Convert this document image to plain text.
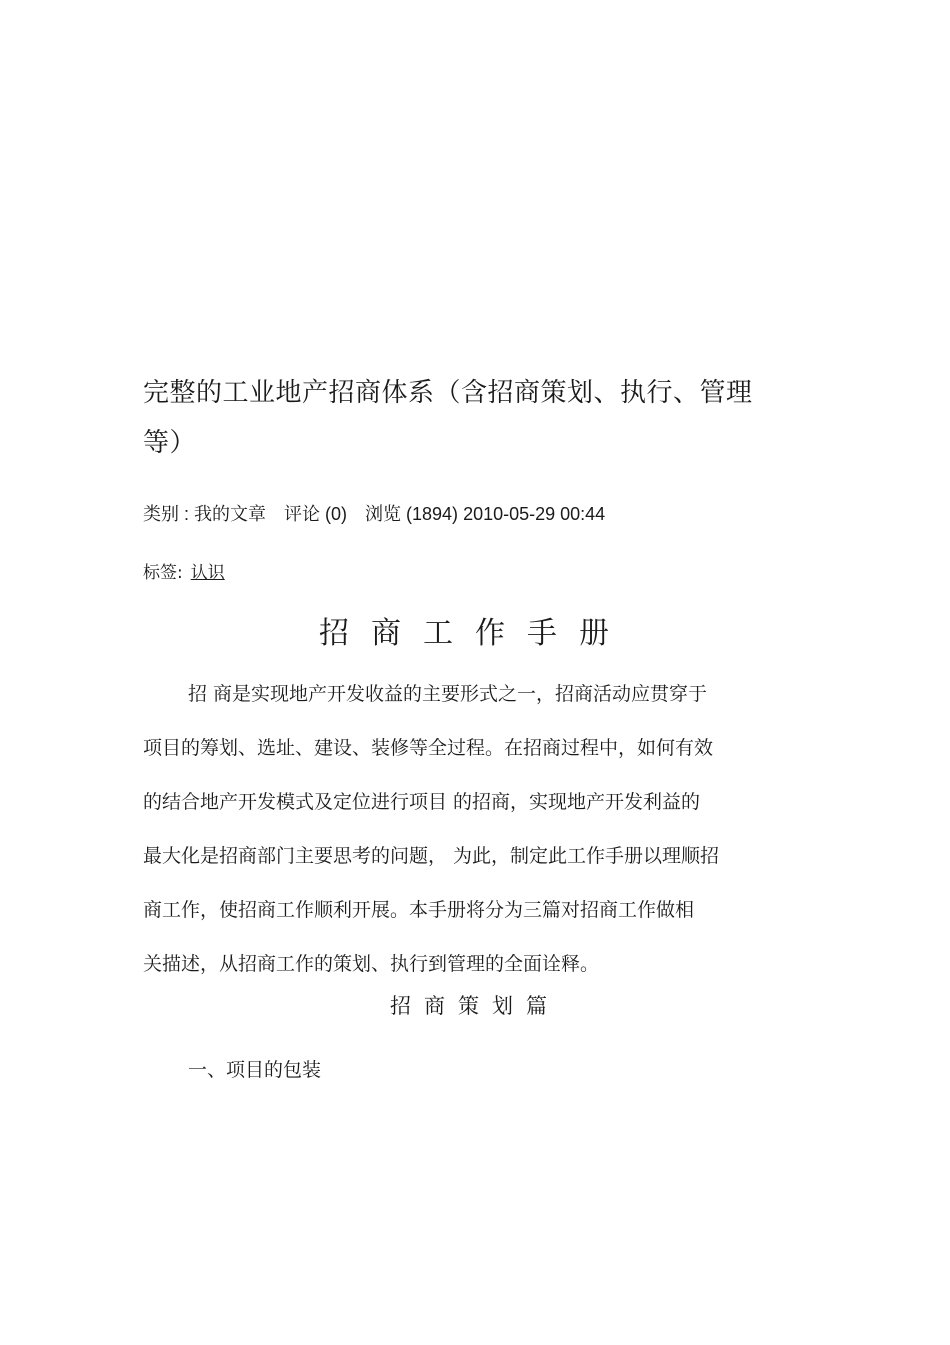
完整的工业地产招商体系（含招商策划、执行、管理等）
类别 : 我的文章 评论 (0) 浏览 (1894) 2010-05-29 00:44
标签: 认识
招商工作手册
招 商是实现地产开发收益的主要形式之一，招商活动应贯穿于
项目的筹划、选址、建设、装修等全过程。在招商过程中，如何有效
的结合地产开发模式及定位进行项目 的招商，实现地产开发利益的
最大化是招商部门主要思考的问题， 为此，制定此工作手册以理顺招
商工作，使招商工作顺利开展。本手册将分为三篇对招商工作做相
关描述，从招商工作的策划、执行到管理的全面诠释。
招商策划篇
一、项目的包装
